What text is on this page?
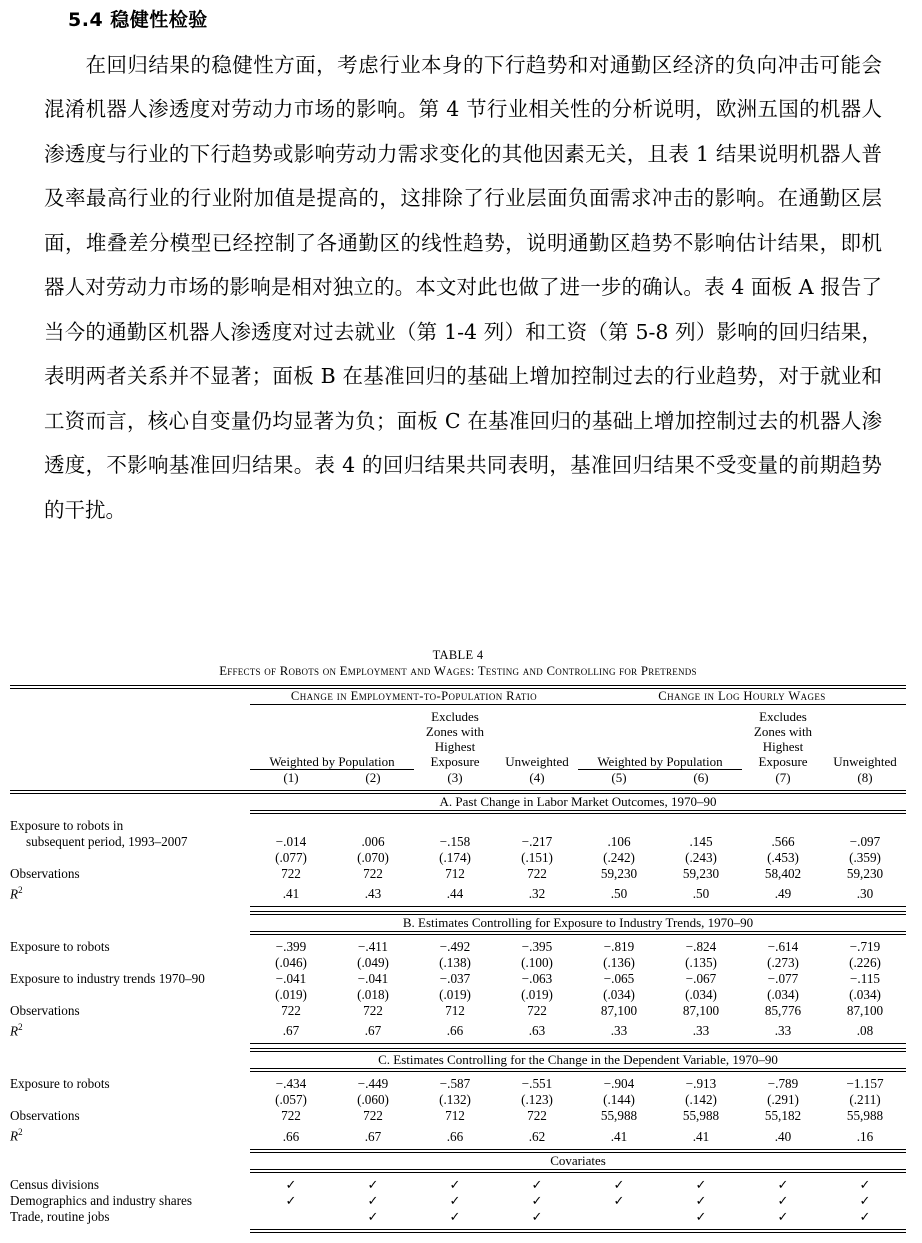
5.4 稳健性检验

在回归结果的稳健性方面，考虑行业本身的下行趋势和对通勤区经济的负向冲击可能会混淆机器人渗透度对劳动力市场的影响。第 4 节行业相关性的分析说明，欧洲五国的机器人渗透度与行业的下行趋势或影响劳动力需求变化的其他因素无关，且表 1 结果说明机器人普及率最高行业的行业附加值是提高的，这排除了行业层面负面需求冲击的影响。在通勤区层面，堆叠差分模型已经控制了各通勤区的线性趋势，说明通勤区趋势不影响估计结果，即机器人对劳动力市场的影响是相对独立的。本文对此也做了进一步的确认。表 4 面板 A 报告了当今的通勤区机器人渗透度对过去就业（第 1-4 列）和工资（第 5-8 列）影响的回归结果，表明两者关系并不显著；面板 B 在基准回归的基础上增加控制过去的行业趋势，对于就业和工资而言，核心自变量仍均显著为负；面板 C 在基准回归的基础上增加控制过去的机器人渗透度，不影响基准回归结果。表 4 的回归结果共同表明，基准回归结果不受变量的前期趋势的干扰。

TABLE 4
Effects of Robots on Employment and Wages: Testing and Controlling for Pretrends

	Change in Employment-to-Population Ratio				Change in Log Hourly Wages			

	Weighted by Population		Excludes
Zones with
Highest
Exposure	Unweighted	Weighted by Population		Excludes
Zones with
Highest
Exposure	Unweighted
	(1)	(2)	(3)	(4)	(5)	(6)	(7)	(8)

	A. Past Change in Labor Market Outcomes, 1970–90							

Exposure to robots in								
subsequent period, 1993–2007	−.014	.006	−.158	−.217	.106	.145	.566	−.097
	(.077)	(.070)	(.174)	(.151)	(.242)	(.243)	(.453)	(.359)
Observations	722	722	712	722	59,230	59,230	58,402	59,230
$R^2$	.41	.43	.44	.32	.50	.50	.49	.30

	B. Estimates Controlling for Exposure to Industry Trends, 1970–90							

Exposure to robots	−.399	−.411	−.492	−.395	−.819	−.824	−.614	−.719
	(.046)	(.049)	(.138)	(.100)	(.136)	(.135)	(.273)	(.226)
Exposure to industry trends 1970–90	−.041	−.041	−.037	−.063	−.065	−.067	−.077	−.115
	(.019)	(.018)	(.019)	(.019)	(.034)	(.034)	(.034)	(.034)
Observations	722	722	712	722	87,100	87,100	85,776	87,100
$R^2$	.67	.67	.66	.63	.33	.33	.33	.08

	C. Estimates Controlling for the Change in the Dependent Variable, 1970–90							

Exposure to robots	−.434	−.449	−.587	−.551	−.904	−.913	−.789	−1.157
	(.057)	(.060)	(.132)	(.123)	(.144)	(.142)	(.291)	(.211)
Observations	722	722	712	722	55,988	55,988	55,182	55,988
$R^2$	.66	.67	.66	.62	.41	.41	.40	.16

	Covariates							

Census divisions	✓	✓	✓	✓	✓	✓	✓	✓
Demographics and industry shares	✓	✓	✓	✓	✓	✓	✓	✓
Trade, routine jobs		✓	✓	✓		✓	✓	✓
